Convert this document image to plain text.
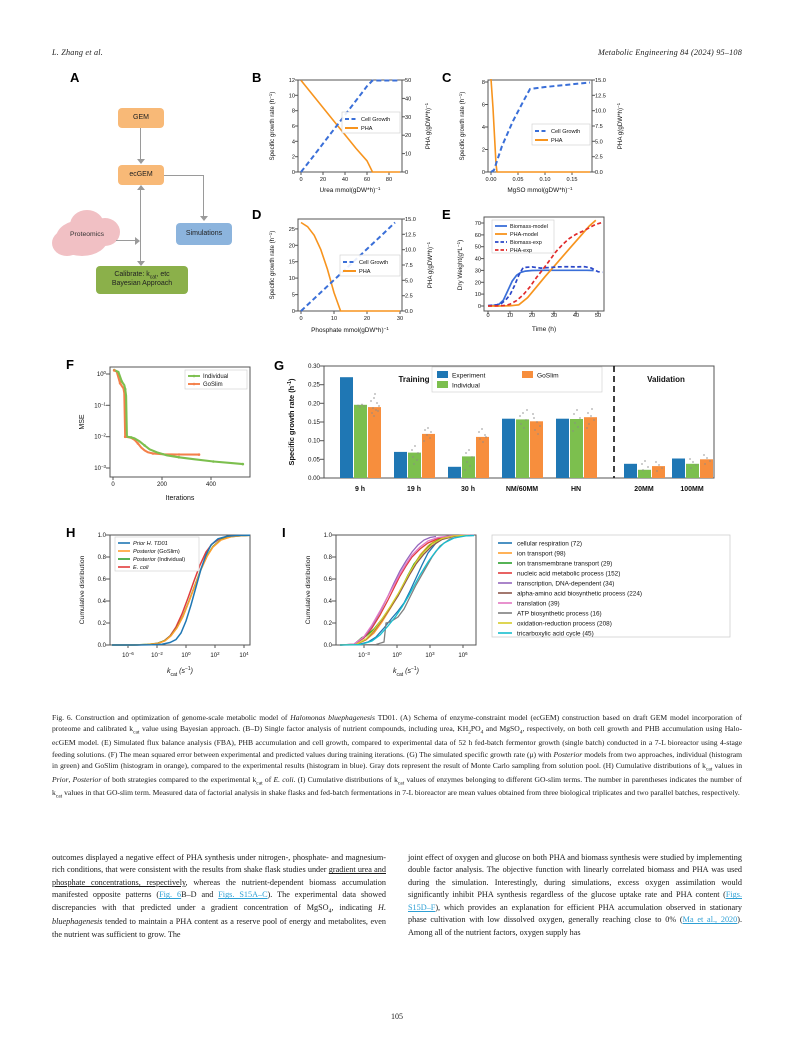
L. Zhang et al.	Metabolic Engineering 84 (2024) 95–108
A
Proteomics
GEM
ecGEM
Simulations
Calibrate: $k_{cat}$, etc
Bayesian Approach
B
0
2
4
6
8
10
12
0
10
20
30
40
50
0	20	40	60	80
Cell Growth
PHA
Urea $mmol(gDW*h)^{-1}$
Specific growth rate $(h^{-1})$
PHA $g(gDW*h)^{-1}$
C
0
2
4
6
8
0.0
2.5
5.0
7.5
10.0
12.5
15.0
0.00	0.05	0.10	0.15
Cell Growth
PHA
MgSO $mmol(gDW*h)^{-1}$
Specific growth rate $(h^{-1})$
PHA $g(gDW*h)^{-1}$
D
0
5
10
15
20
25
0.0
2.5
5.0
7.5
10.0
12.5
15.0
0	10	20	30
Cell Growth
PHA
Phosphate $mmol(gDW*h)^{-1}$
Specific growth rate $(h^{-1})$
PHA $g(gDW*h)^{-1}$
E
0
10
20
30
40
50
60
70
0	10	20	30	40	50
Biomass-model
PHA-model
Biomass-exp
PHA-exp
Time (h)
Dry $Weight(g*L^{-1})$
F
$10^0$
$10^{-1}$
$10^{-2}$
$10^{-3}$
0	200	400
Individual
GoSlim
Iterations
MSE
G
0.00
0.05
0.10
0.15
0.20
0.25
0.30
9 h	19 h	30 h	NM/60MM	HN	20MM	100MM
Training	Validation
Experiment
Individual
GoSlim
Specific growth rate $(h^{-1})$
H
0.0
0.2
0.4
0.6
0.8
1.0
$10^{-6}$	$10^{-2}$	$10^0$	$10^2$	$10^4$
Prior H. TD01
Posterior (GoSlim)
Posterior (Individual)
E. coli
$k_{cat}$ $(s^{-1})$
Cumulative distribution
I
0.0
0.2
0.4
0.6
0.8
1.0
$10^{-3}$	$10^0$	$10^3$	$10^6$
cellular respiration (72)
ion transport (98)
ion transmembrane transport (29)
nucleic acid metabolic process (152)
transcription, DNA-dependent (34)
alpha-amino acid biosynthetic process (224)
translation (39)
ATP biosynthetic process (16)
oxidation-reduction process (208)
tricarboxylic acid cycle (45)
$k_{cat}$ $(s^{-1})$
Cumulative distribution
Fig. 6. Construction and optimization of genome-scale metabolic model of Halomonas bluephagenesis TD01. (A) Schema of enzyme-constraint model (ecGEM) construction based on draft GEM model incorporation of proteome and calibrated $k_{cat}$ value using Bayesian approach. (B–D) Single factor analysis of nutrient compounds, including urea, $KH_2PO_4$ and MgSO$_4$, respectively, on both cell growth and PHB accumulation using Halo-ecGEM model. (E) Simulated flux balance analysis (FBA), PHB accumulation and cell growth, compared to experimental data of 52 h fed-batch fermentor growth (single batch) conducted in a 7-L bioreactor using 4-stage feeding solutions. (F) The mean squared error between experimental and predicted values during training iterations. (G) The simulated specific growth rate (μ) with Posterior models from two approaches, individual (histogram in green) and GoSlim (histogram in orange), compared to the experimental results (histogram in blue). Gray dots represent the result of Monte Carlo sampling from solution pool. (H) Cumulative distributions of $k_{cat}$ values in Prior, Posterior of both strategies compared to the experimental $k_{cat}$ of E. coli. (I) Cumulative distributions of $k_{cat}$ values of enzymes belonging to different GO-slim terms. The number in parentheses indicates the number of $k_{cat}$ values in that GO-slim term. Measured data of factorial analysis in shake flasks and fed-batch fermentations in 7-L bioreactor are mean values obtained from three biological triplicates and two parallel batches, respectively.

outcomes displayed a negative effect of PHA synthesis under nitrogen-, phosphate- and magnesium-rich conditions, that were consistent with the results from shake flask studies under gradient urea and phosphate concentrations, respectively, whereas the nutrient-dependent biomass accumulation manifested opposite patterns (Fig. 6B–D and Figs. S15A–C). The experimental data showed discrepancies with that predicted under a gradient concentration of MgSO$_4$, indicating H. bluephagenesis tended to maintain a PHA content as a reserve pool of energy and metabolites, even the nutrient was sufficient to grow. The

joint effect of oxygen and glucose on both PHA and biomass synthesis were studied by implementing double factor analysis. The objective function with linearly correlated biomass and PHA was used during the simulation. Interestingly, during simulations, excess oxygen assimilation would significantly inhibit PHA synthesis regardless of the glucose uptake rate and PHA content (Figs. S15D–F), which provides an explanation for efficient PHA accumulation observed in stationary phase cultivation with low dissolved oxygen, generally reaching close to 0% (Ma et al., 2020). Among all of the nutrient factors, oxygen supply has

105
